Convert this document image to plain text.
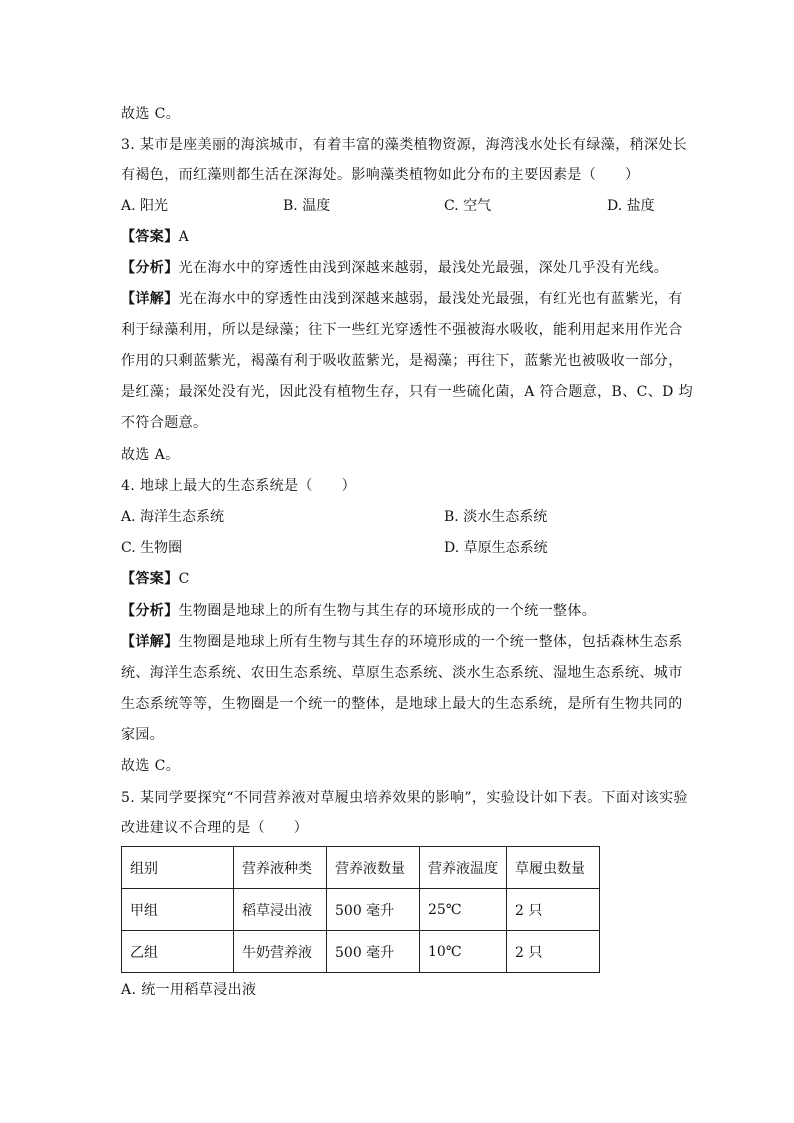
故选 C。
3. 某市是座美丽的海滨城市，有着丰富的藻类植物资源，海湾浅水处长有绿藻，稍深处长
有褐色，而红藻则都生活在深海处。影响藻类植物如此分布的主要因素是（　　）
A. 阳光	B. 温度	C. 空气	D. 盐度
【答案】A
【分析】光在海水中的穿透性由浅到深越来越弱，最浅处光最强，深处几乎没有光线。
【详解】光在海水中的穿透性由浅到深越来越弱，最浅处光最强，有红光也有蓝紫光，有
利于绿藻利用，所以是绿藻；往下一些红光穿透性不强被海水吸收，能利用起来用作光合
作用的只剩蓝紫光，褐藻有利于吸收蓝紫光，是褐藻；再往下，蓝紫光也被吸收一部分，
是红藻；最深处没有光，因此没有植物生存，只有一些硫化菌，A 符合题意，B、C、D 均
不符合题意。
故选 A。
4. 地球上最大的生态系统是（　　）
A. 海洋生态系统	B. 淡水生态系统
C. 生物圈	D. 草原生态系统
【答案】C
【分析】生物圈是地球上的所有生物与其生存的环境形成的一个统一整体。
【详解】生物圈是地球上所有生物与其生存的环境形成的一个统一整体，包括森林生态系
统、海洋生态系统、农田生态系统、草原生态系统、淡水生态系统、湿地生态系统、城市
生态系统等等，生物圈是一个统一的整体，是地球上最大的生态系统，是所有生物共同的
家园。
故选 C。
5. 某同学要探究“不同营养液对草履虫培养效果的影响”，实验设计如下表。下面对该实验
改进建议不合理的是（　　）
组别	营养液种类	营养液数量	营养液温度	草履虫数量
甲组	稻草浸出液	500 毫升	25℃	2 只
乙组	牛奶营养液	500 毫升	10℃	2 只
A. 统一用稻草浸出液
